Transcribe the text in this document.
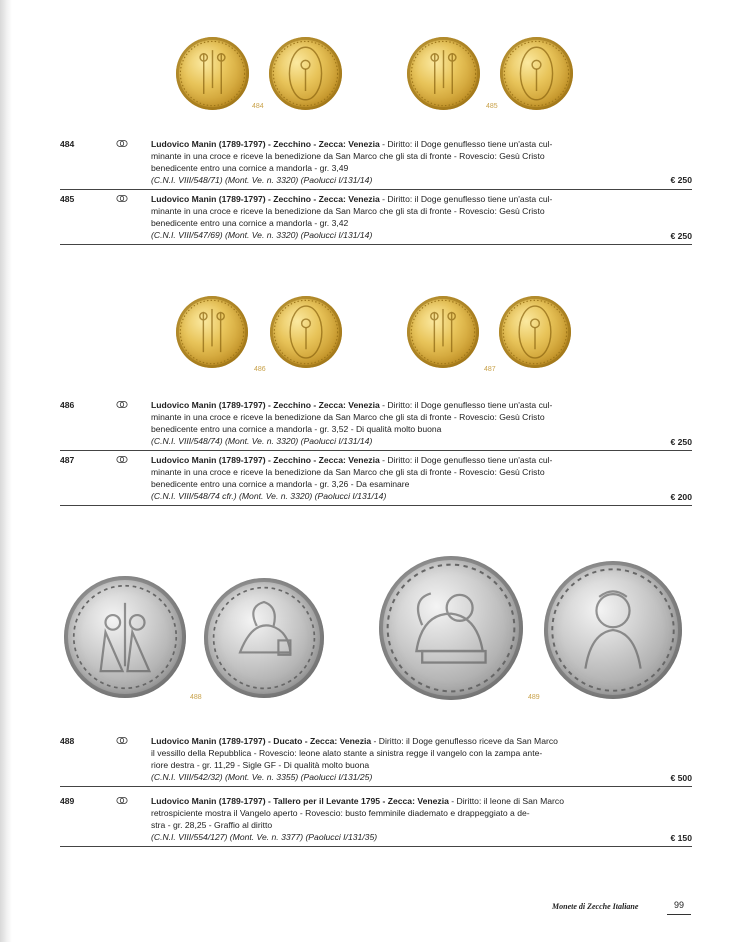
484	485
484	Ludovico Manin (1789-1797) - Zecchino - Zecca: Venezia - Diritto: il Doge genuflesso tiene un'asta cul-
minante in una croce e riceve la benedizione da San Marco che gli sta di fronte - Rovescio: Gesù Cristo
benedicente entro una cornice a mandorla - gr. 3,49
(C.N.I. VIII/548/71) (Mont. Ve. n. 3320) (Paolucci I/131/14)	€ 250
485	Ludovico Manin (1789-1797) - Zecchino - Zecca: Venezia - Diritto: il Doge genuflesso tiene un'asta cul-
minante in una croce e riceve la benedizione da San Marco che gli sta di fronte - Rovescio: Gesù Cristo
benedicente entro una cornice a mandorla - gr. 3,42
(C.N.I. VIII/547/69) (Mont. Ve. n. 3320) (Paolucci I/131/14)	€ 250
486	487
486	Ludovico Manin (1789-1797) - Zecchino - Zecca: Venezia - Diritto: il Doge genuflesso tiene un'asta cul-
minante in una croce e riceve la benedizione da San Marco che gli sta di fronte - Rovescio: Gesù Cristo
benedicente entro una cornice a mandorla - gr. 3,52 - Di qualità molto buona
(C.N.I. VIII/548/74) (Mont. Ve. n. 3320) (Paolucci I/131/14)	€ 250
487	Ludovico Manin (1789-1797) - Zecchino - Zecca: Venezia - Diritto: il Doge genuflesso tiene un'asta cul-
minante in una croce e riceve la benedizione da San Marco che gli sta di fronte - Rovescio: Gesù Cristo
benedicente entro una cornice a mandorla - gr. 3,26 - Da esaminare
(C.N.I. VIII/548/74 cfr.) (Mont. Ve. n. 3320) (Paolucci I/131/14)	€ 200
488	489
488	Ludovico Manin (1789-1797) - Ducato - Zecca: Venezia - Diritto: il Doge genuflesso riceve da San Marco
il vessillo della Repubblica - Rovescio: leone alato stante a sinistra regge il vangelo con la zampa ante-
riore destra - gr. 11,29 - Sigle GF - Di qualità molto buona
(C.N.I. VIII/542/32) (Mont. Ve. n. 3355) (Paolucci I/131/25)	€ 500
489	Ludovico Manin (1789-1797) - Tallero per il Levante 1795 - Zecca: Venezia - Diritto: il leone di San Marco
retrospiciente mostra il Vangelo aperto - Rovescio: busto femminile diademato e drappeggiato a de-
stra - gr. 28,25 - Graffio al diritto
(C.N.I. VIII/554/127) (Mont. Ve. n. 3377) (Paolucci I/131/35)	€ 150
Monete di Zecche Italiane	99
